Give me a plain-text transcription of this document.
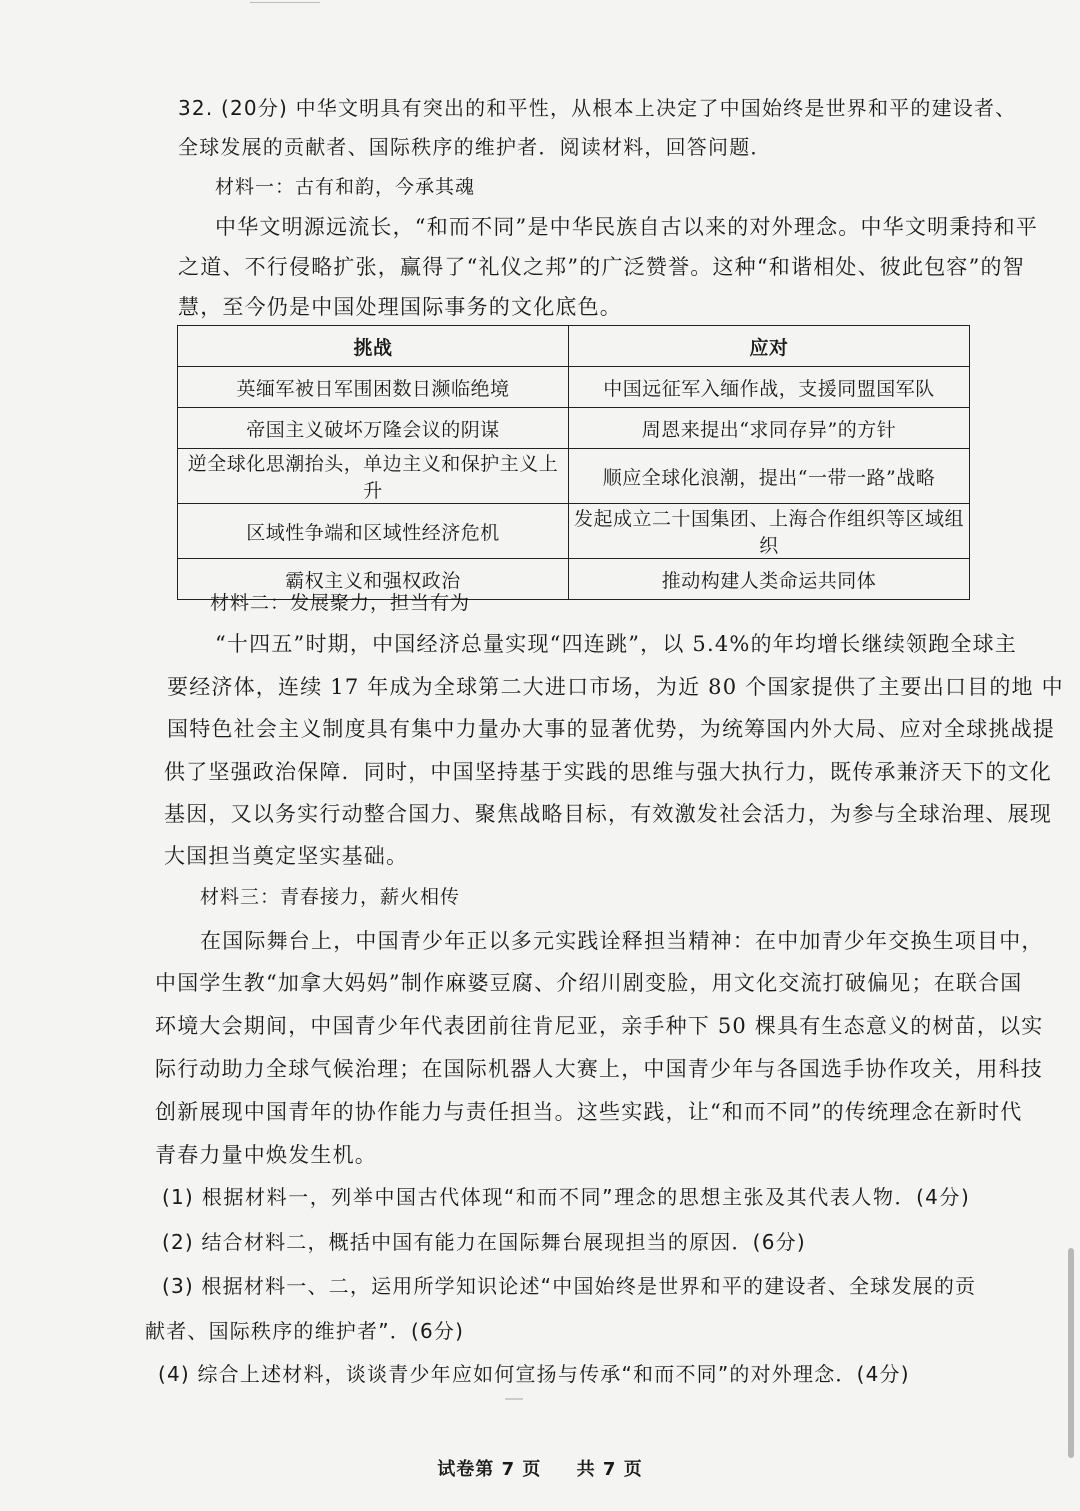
32. (20分) 中华文明具有突出的和平性，从根本上决定了中国始终是世界和平的建设者、
全球发展的贡献者、国际秩序的维护者．阅读材料，回答问题．
材料一：古有和韵，今承其魂
中华文明源远流长，“和而不同”是中华民族自古以来的对外理念。中华文明秉持和平
之道、不行侵略扩张，赢得了“礼仪之邦”的广泛赞誉。这种“和谐相处、彼此包容”的智
慧，至今仍是中国处理国际事务的文化底色。
挑战	应对
英缅军被日军围困数日濒临绝境	中国远征军入缅作战，支援同盟国军队
帝国主义破坏万隆会议的阴谋	周恩来提出“求同存异”的方针
逆全球化思潮抬头，单边主义和保护主义上升	顺应全球化浪潮，提出“一带一路”战略
区域性争端和区域性经济危机	发起成立二十国集团、上海合作组织等区域组织
霸权主义和强权政治	推动构建人类命运共同体
材料二：发展聚力，担当有为
“十四五”时期，中国经济总量实现“四连跳”，以 5.4%的年均增长继续领跑全球主
要经济体，连续 17 年成为全球第二大进口市场，为近 80 个国家提供了主要出口目的地 中
国特色社会主义制度具有集中力量办大事的显著优势，为统筹国内外大局、应对全球挑战提
供了坚强政治保障．同时，中国坚持基于实践的思维与强大执行力，既传承兼济天下的文化
基因，又以务实行动整合国力、聚焦战略目标，有效激发社会活力，为参与全球治理、展现
大国担当奠定坚实基础。
材料三：青春接力，薪火相传
在国际舞台上，中国青少年正以多元实践诠释担当精神：在中加青少年交换生项目中，
中国学生教“加拿大妈妈”制作麻婆豆腐、介绍川剧变脸，用文化交流打破偏见；在联合国
环境大会期间，中国青少年代表团前往肯尼亚，亲手种下 50 棵具有生态意义的树苗，以实
际行动助力全球气候治理；在国际机器人大赛上，中国青少年与各国选手协作攻关，用科技
创新展现中国青年的协作能力与责任担当。这些实践，让“和而不同”的传统理念在新时代
青春力量中焕发生机。
(1) 根据材料一，列举中国古代体现“和而不同”理念的思想主张及其代表人物．(4分)
(2) 结合材料二，概括中国有能力在国际舞台展现担当的原因．(6分)
(3) 根据材料一、二，运用所学知识论述“中国始终是世界和平的建设者、全球发展的贡
献者、国际秩序的维护者”．(6分)
(4) 综合上述材料，谈谈青少年应如何宣扬与传承“和而不同”的对外理念．(4分)
试卷第 7 页 共 7 页
